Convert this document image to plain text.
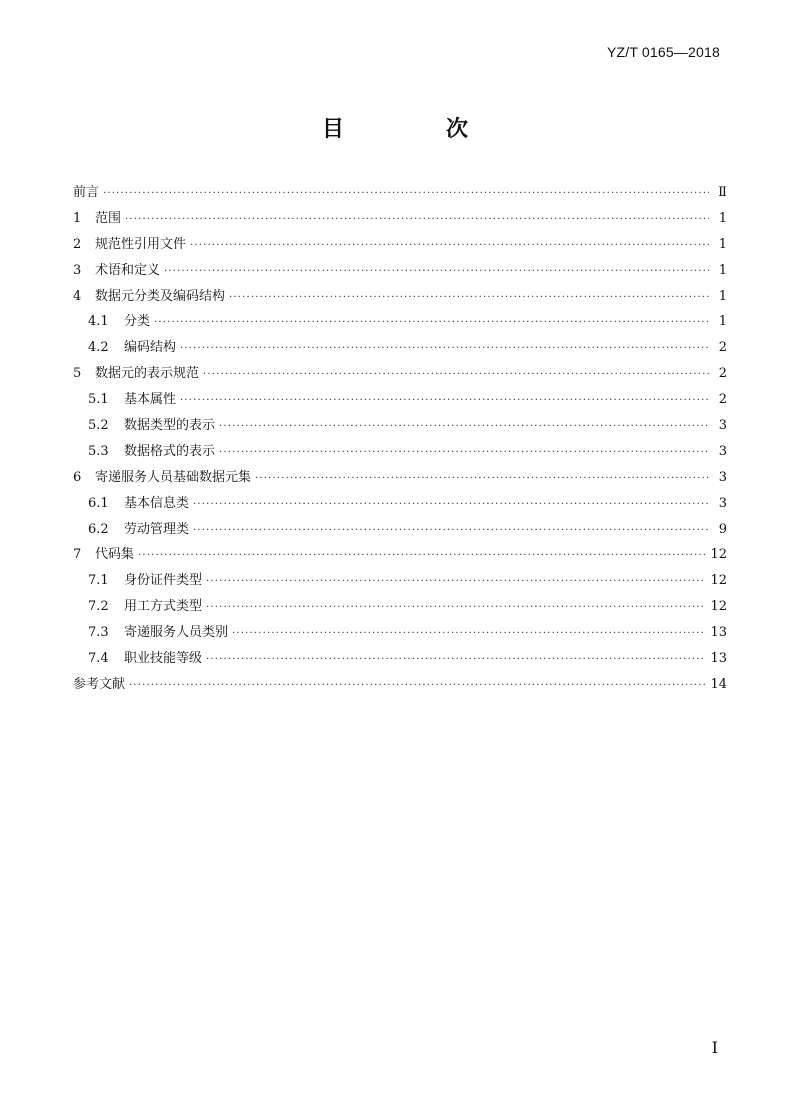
YZ/T 0165—2018
目　次
前言 ·····	Ⅱ
1	范围 ·····	1
2	规范性引用文件 ·····	1
3	术语和定义 ·····	1
4	数据元分类及编码结构 ·····	1
4.1	分类 ·····	1
4.2	编码结构 ·····	2
5	数据元的表示规范 ·····	2
5.1	基本属性 ·····	2
5.2	数据类型的表示 ·····	3
5.3	数据格式的表示 ·····	3
6	寄递服务人员基础数据元集 ·····	3
6.1	基本信息类 ·····	3
6.2	劳动管理类 ·····	9
7	代码集 ·····	12
7.1	身份证件类型 ·····	12
7.2	用工方式类型 ·····	12
7.3	寄递服务人员类别 ·····	13
7.4	职业技能等级 ·····	13
参考文献 ·····	14
Ⅰ
